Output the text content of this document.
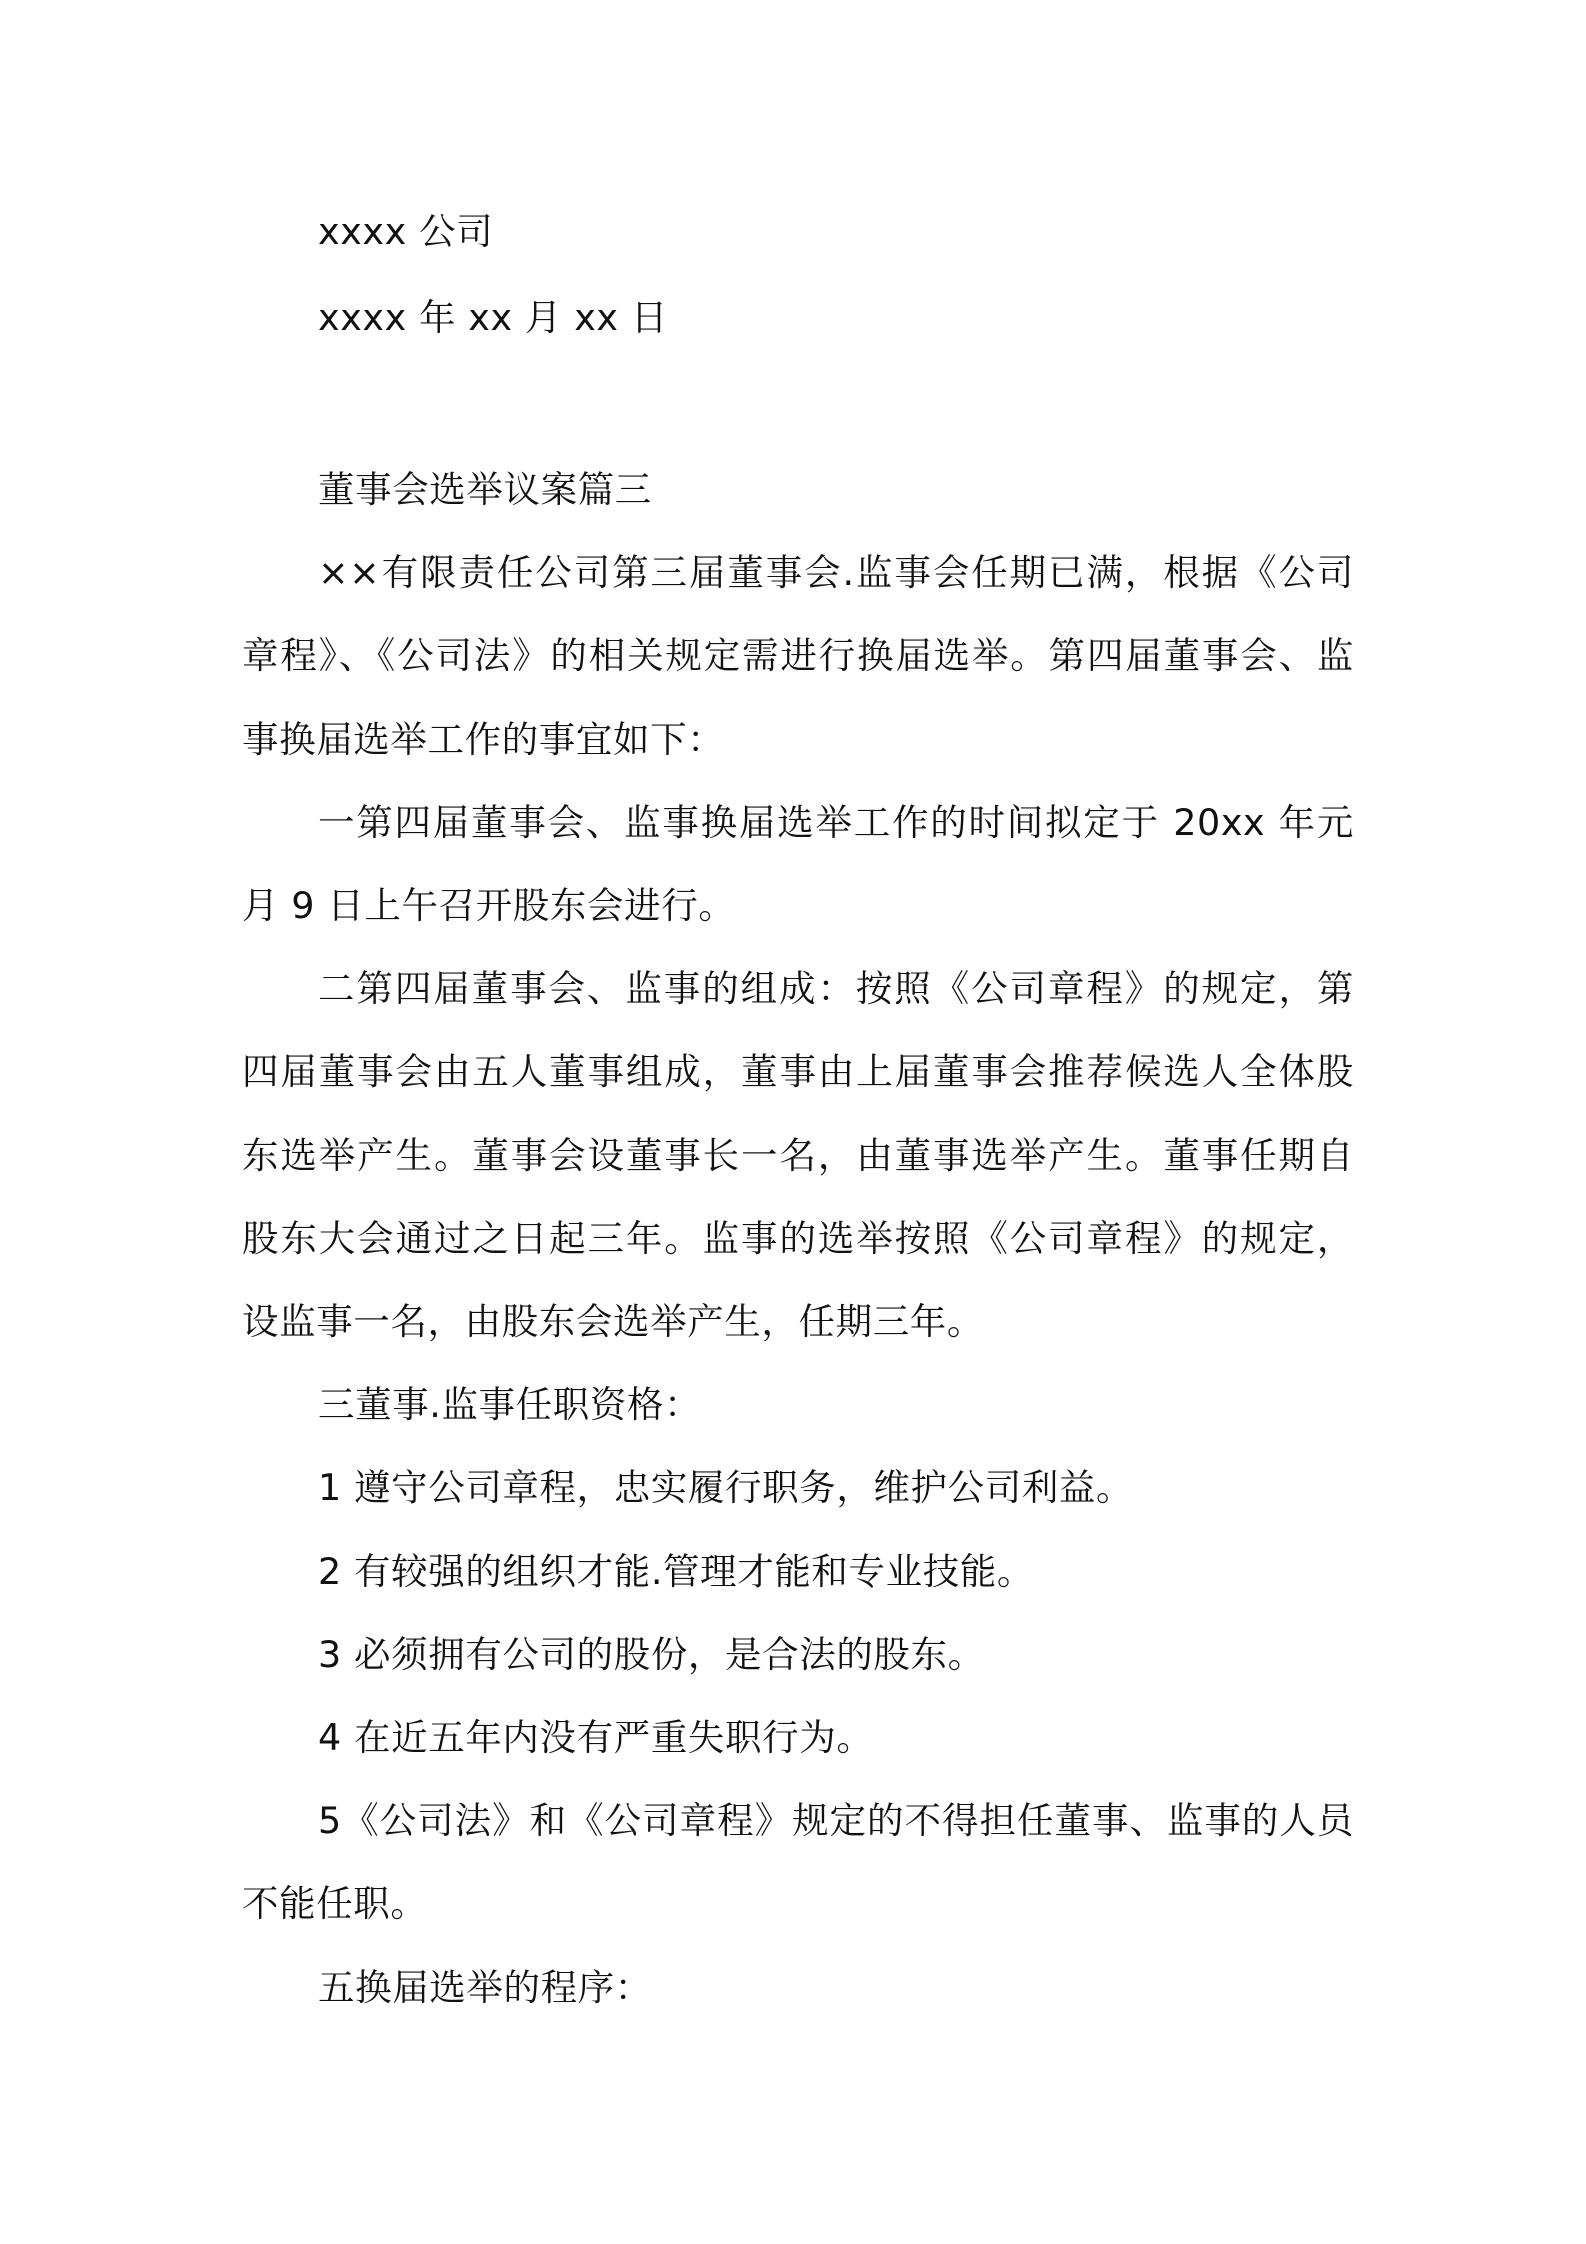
xxxx 公司
xxxx 年 xx 月 xx 日

董事会选举议案篇三

××有限责任公司第三届董事会.监事会任期已满，根据《公司章程》、《公司法》的相关规定需进行换届选举。第四届董事会、监事换届选举工作的事宜如下：

一第四届董事会、监事换届选举工作的时间拟定于 20xx 年元月 9 日上午召开股东会进行。

二第四届董事会、监事的组成：按照《公司章程》的规定，第四届董事会由五人董事组成，董事由上届董事会推荐候选人全体股东选举产生。董事会设董事长一名，由董事选举产生。董事任期自股东大会通过之日起三年。监事的选举按照《公司章程》的规定，设监事一名，由股东会选举产生，任期三年。

三董事.监事任职资格：

1 遵守公司章程，忠实履行职务，维护公司利益。

2 有较强的组织才能.管理才能和专业技能。

3 必须拥有公司的股份，是合法的股东。

4 在近五年内没有严重失职行为。

5《公司法》和《公司章程》规定的不得担任董事、监事的人员不能任职。

五换届选举的程序：
